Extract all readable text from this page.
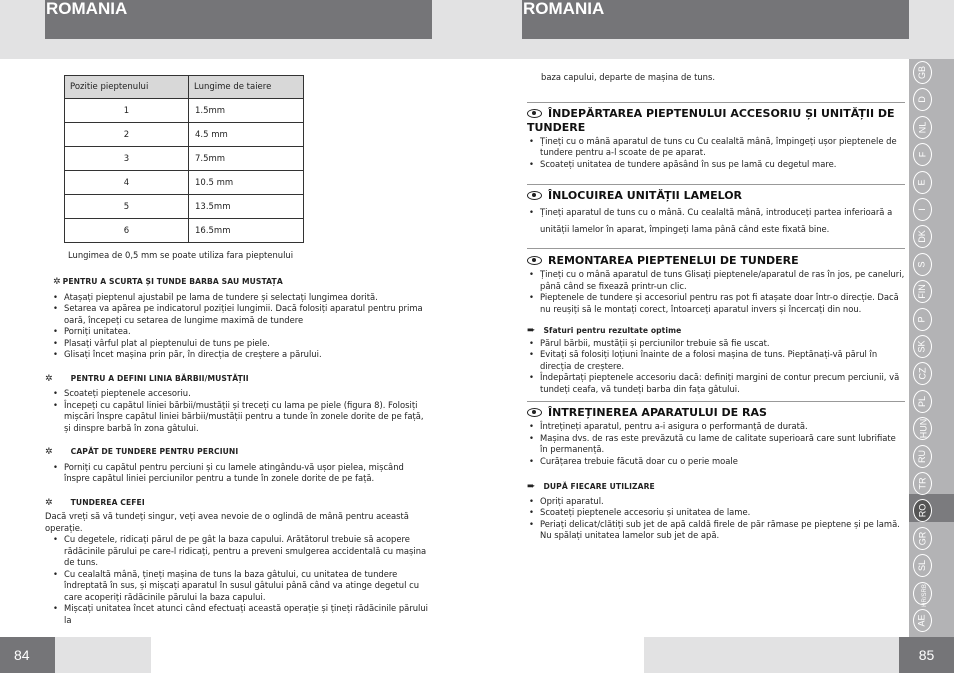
ROMANIA	ROMANIA
Pozitie pieptenului	Lungime de taiere
1	1.5mm
2	4.5 mm
3	7.5mm
4	10.5 mm
5	13.5mm
6	16.5mm
Lungimea de 0,5 mm se poate utiliza fara pieptenului
✲ PENTRU A SCURTA ȘI TUNDE BARBA SAU MUSTAȚA
• Atașați pieptenul ajustabil pe lama de tundere și selectați lungimea dorită.
• Setarea va apărea pe indicatorul poziției lungimii. Dacă folosiți aparatul pentru prima oară, începeți cu setarea de lungime maximă de tundere
• Porniți unitatea.
• Plasați vârful plat al pieptenului de tuns pe piele.
• Glisați încet mașina prin păr, în direcția de creștere a părului.
✲ PENTRU A DEFINI LINIA BĂRBII/MUSTĂȚII
• Scoateți pieptenele accesoriu.
• Începeți cu capătul liniei bărbii/mustății și treceți cu lama pe piele (figura 8). Folosiți mișcări înspre capătul liniei bărbii/mustății pentru a tunde în zonele dorite de pe față, și dinspre barbă în zona gâtului.
✲ CAPĂT DE TUNDERE PENTRU PERCIUNI
• Porniți cu capătul pentru perciuni și cu lamele atingându-vă ușor pielea, mișcând înspre capătul liniei perciunilor pentru a tunde în zonele dorite de pe față.
✲ TUNDEREA CEFEI
Dacă vreți să vă tundeți singur, veți avea nevoie de o oglindă de mână pentru această operație.
• Cu degetele, ridicați părul de pe gât la baza capului. Arătătorul trebuie să acopere rădăcinile părului pe care-l ridicați, pentru a preveni smulgerea accidentală cu mașina de tuns.
• Cu cealaltă mână, țineți mașina de tuns la baza gâtului, cu unitatea de tundere îndreptată în sus, și mișcați aparatul în susul gâtului până când va atinge degetul cu care acoperiți rădăcinile părului la baza capului.
• Mișcați unitatea încet atunci când efectuați această operație și țineți rădăcinile părului la
baza capului, departe de mașina de tuns.
ÎNDEPĂRTAREA PIEPTENULUI ACCESORIU ȘI UNITĂȚII DE TUNDERE
• Țineți cu o mână aparatul de tuns cu Cu cealaltă mână, împingeți ușor pieptenele de tundere pentru a-l scoate de pe aparat.
• Scoateți unitatea de tundere apăsând în sus pe lamă cu degetul mare.
ÎNLOCUIREA UNITĂȚII LAMELOR
• Țineți aparatul de tuns cu o mână. Cu cealaltă mână, introduceți partea inferioară a unității lamelor în aparat, împingeți lama până când este fixată bine.
REMONTAREA PIEPTENELUI DE TUNDERE
• Țineți cu o mână aparatul de tuns Glisați pieptenele/aparatul de ras în jos, pe caneluri, până când se fixează printr-un clic.
• Pieptenele de tundere și accesoriul pentru ras pot fi atașate doar într-o direcție. Dacă nu reușiți să le montați corect, întoarceți aparatul invers și încercați din nou.
➨ Sfaturi pentru rezultate optime
• Părul bărbii, mustății și perciunilor trebuie să fie uscat.
• Evitați să folosiți loțiuni înainte de a folosi mașina de tuns. Pieptănați-vă părul în direcția de creștere.
• Îndepărtați pieptenele accesoriu dacă: definiți margini de contur precum perciunii, vă tundeți ceafa, vă tundeți barba din fața gâtului.
ÎNTREȚINEREA APARATULUI DE RAS
• Întrețineți aparatul, pentru a-i asigura o performanță de durată.
• Mașina dvs. de ras este prevăzută cu lame de calitate superioară care sunt lubrifiate în permanență.
• Curățarea trebuie făcută doar cu o perie moale
➨ DUPĂ FIECARE UTILIZARE
• Opriți aparatul.
• Scoateți pieptenele accesoriu și unitatea de lame.
• Periați delicat/clătiți sub jet de apă caldă firele de păr rămase pe pieptene și pe lamă. Nu spălați unitatea lamelor sub jet de apă.
GB
D
NL
F
E
I
DK
S
FIN
P
SK
CZ
PL
HUN
RU
TR
RO
GR
SL
HR/SRB
AE
84	85
